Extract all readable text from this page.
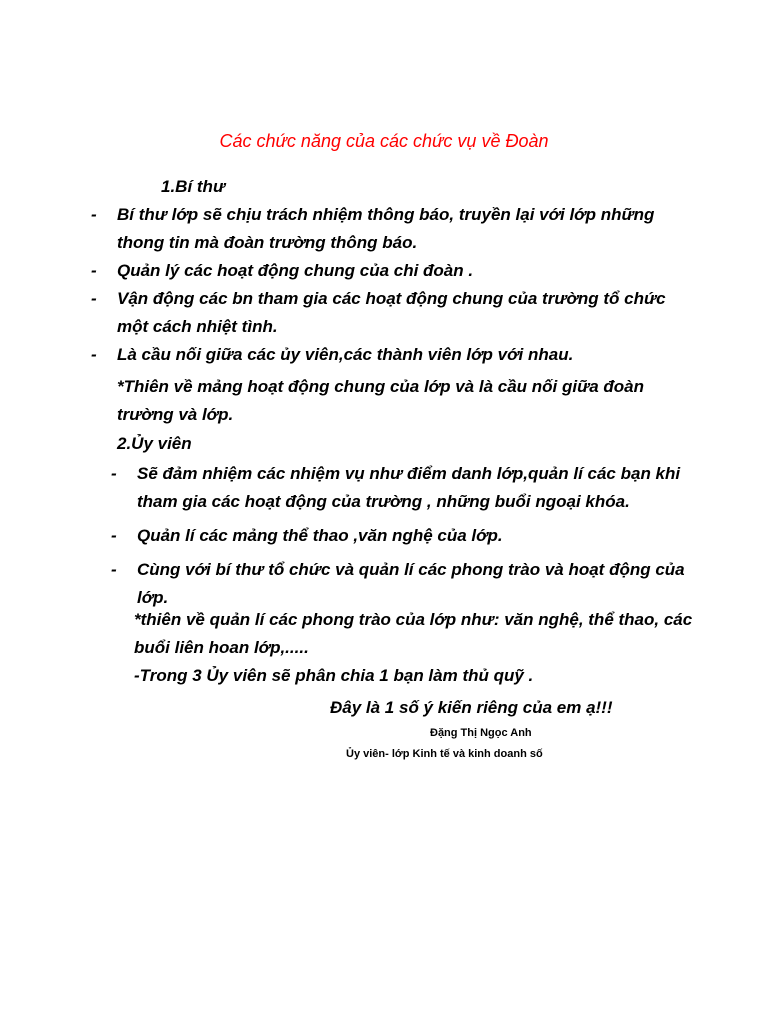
Các chức năng của các chức vụ về Đoàn
1.Bí thư
- Bí thư lớp sẽ chịu trách nhiệm thông báo, truyền lại với lớp những thong tin mà đoàn trường thông báo.
- Quản lý các hoạt động chung của chi đoàn .
- Vận động các bn tham gia các hoạt động chung của trường tổ chức một cách nhiệt tình.
- Là cầu nối giữa các ủy viên,các thành viên lớp với nhau.
*Thiên về mảng hoạt động chung của lớp và là cầu nối giữa đoàn trường và lớp.
2.Ủy viên
- Sẽ đảm nhiệm các nhiệm vụ như điểm danh lớp,quản lí các bạn khi tham gia các hoạt động của trường , những buổi ngoại khóa.
- Quản lí các mảng thể thao ,văn nghệ của lớp.
- Cùng với bí thư tổ chức và quản lí các phong trào và hoạt động của lớp.
*thiên về quản lí các phong trào của lớp như: văn nghệ, thể thao, các buổi liên hoan lớp,.....
-Trong 3 Ủy viên sẽ phân chia 1 bạn làm thủ quỹ .
Đây là 1 số ý kiến riêng của em ạ!!!
Đặng Thị Ngọc Anh
Ủy viên- lớp Kinh tế và kinh doanh số
